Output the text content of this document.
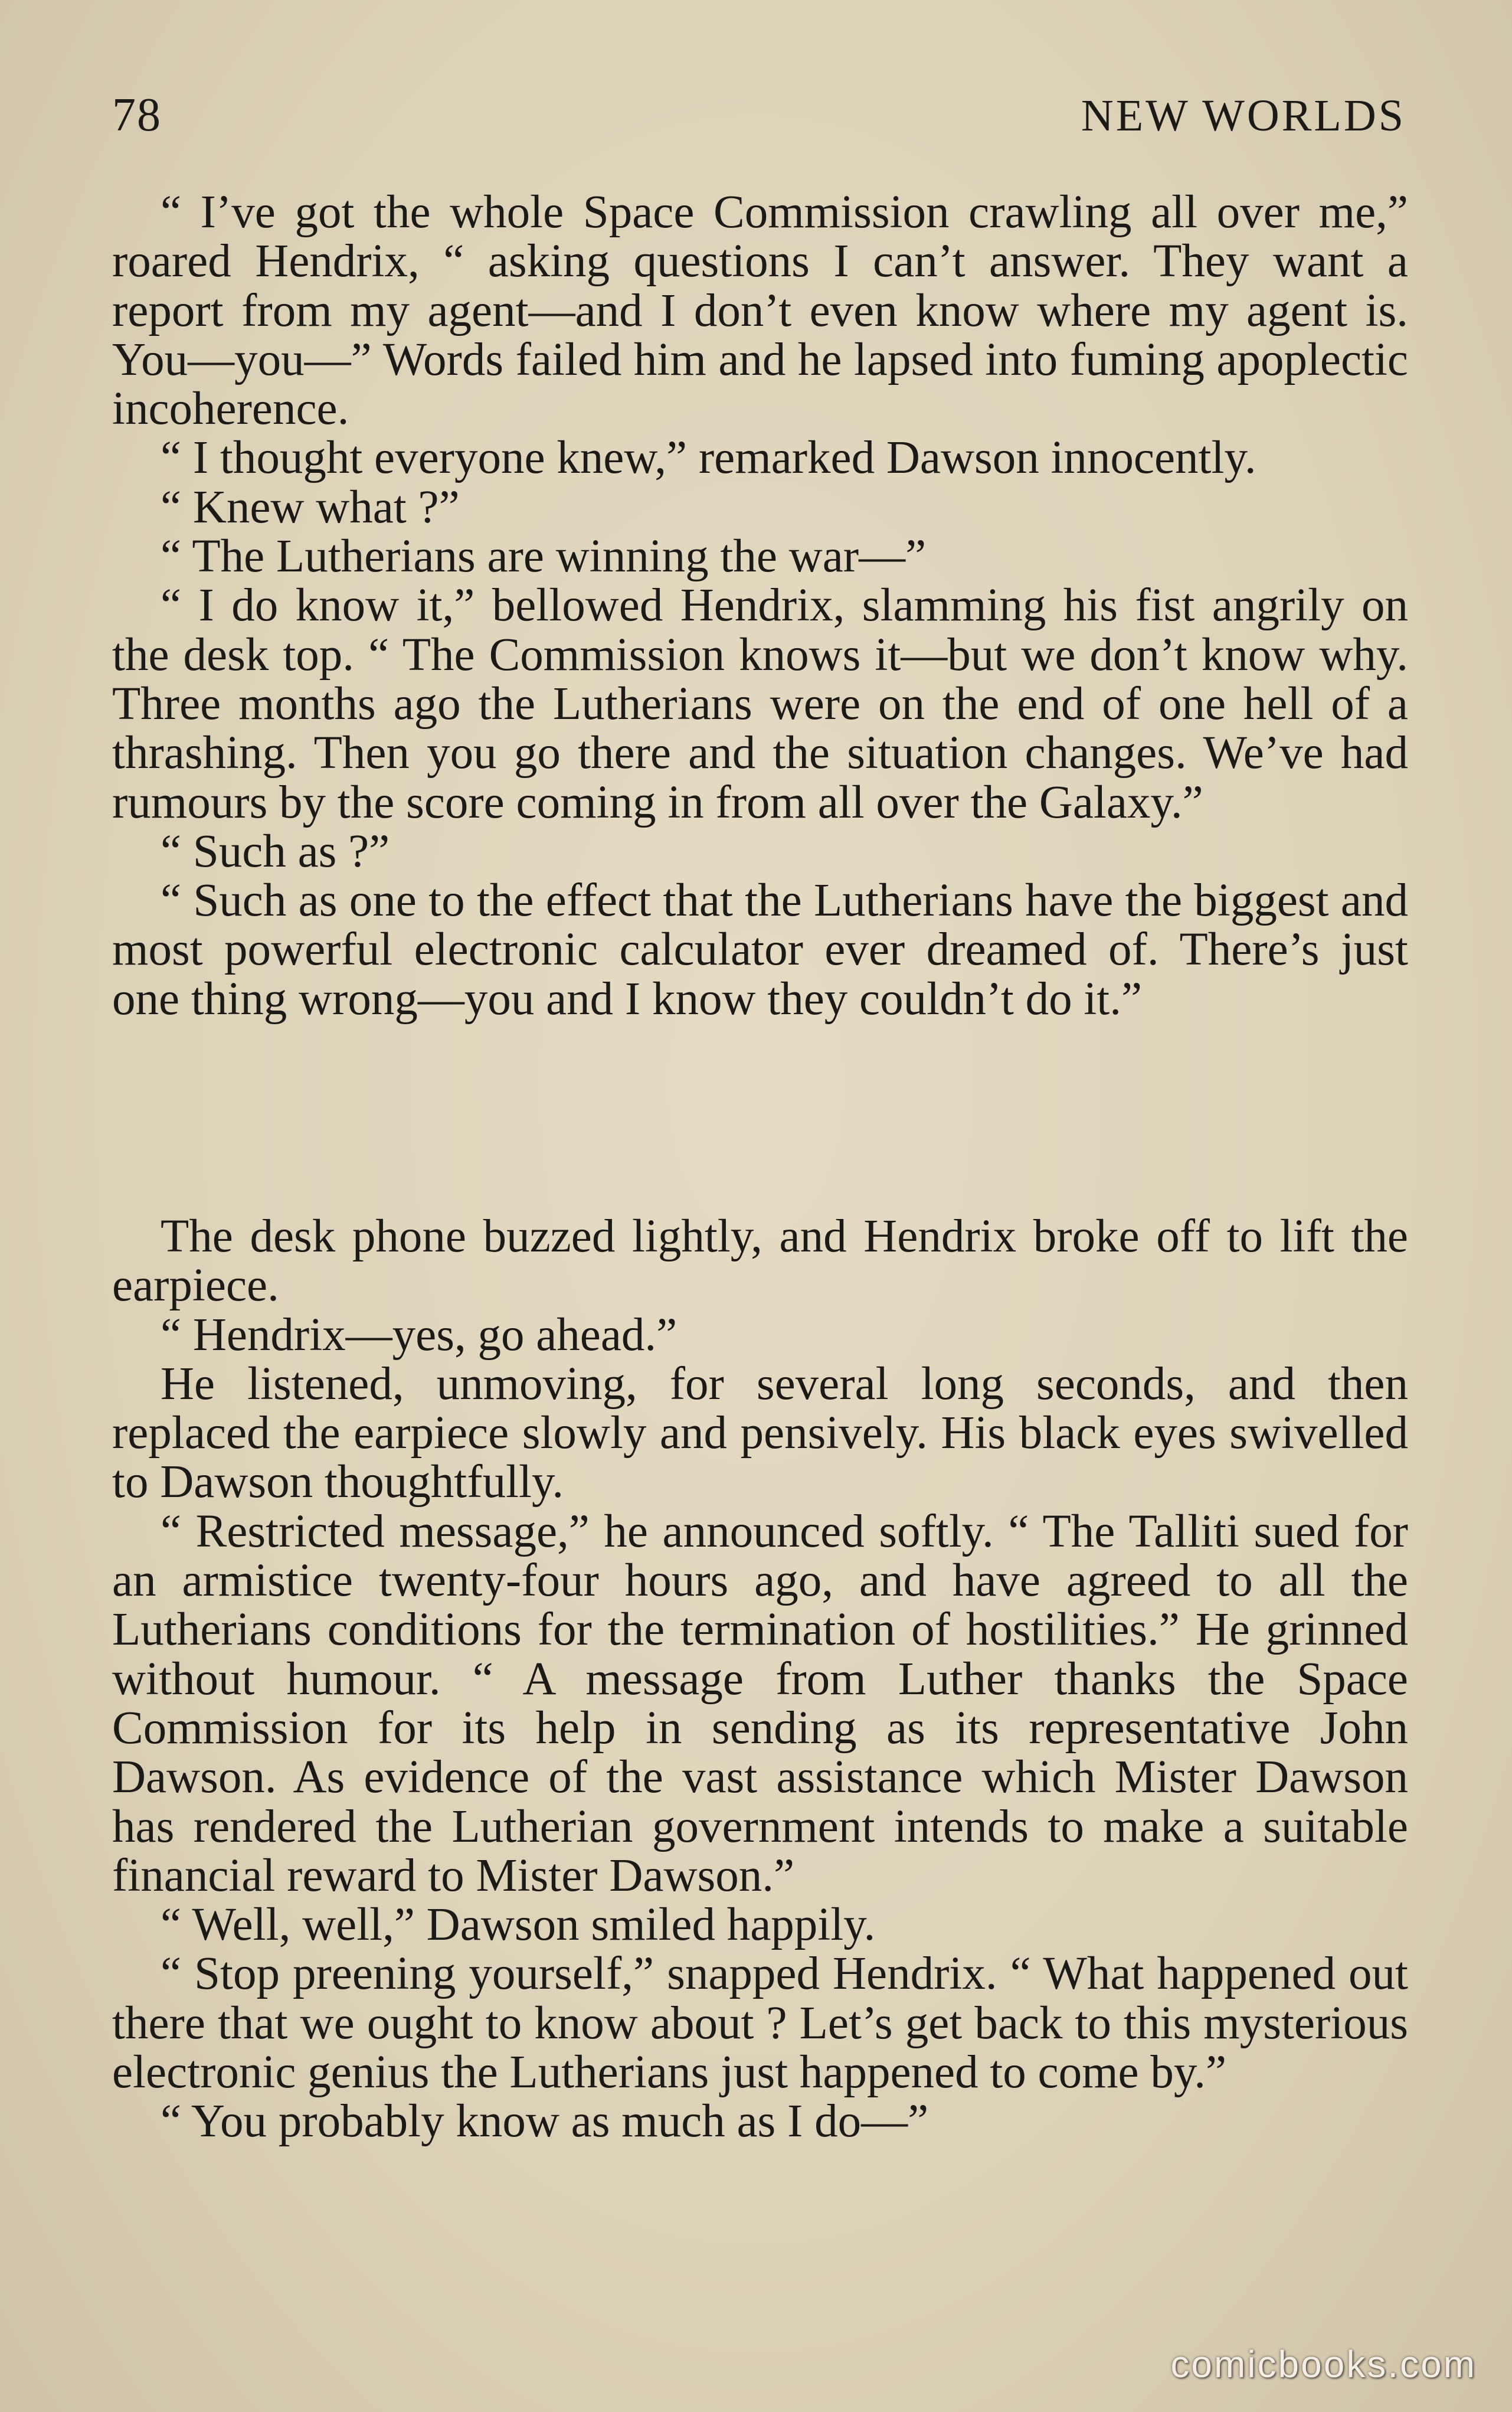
78	NEW WORLDS

“ I’ve got the whole Space Commission crawling all over me,” roared Hendrix, “ asking questions I can’t answer. They want a report from my agent—and I don’t even know where my agent is. You—you—” Words failed him and he lapsed into fuming apoplectic incoherence.

“ I thought everyone knew,” remarked Dawson innocently.

“ Knew what ?”

“ The Lutherians are winning the war—”

“ I do know it,” bellowed Hendrix, slamming his fist angrily on the desk top. “ The Commission knows it—but we don’t know why. Three months ago the Lutherians were on the end of one hell of a thrashing. Then you go there and the situation changes. We’ve had rumours by the score coming in from all over the Galaxy.”

“ Such as ?”

“ Such as one to the effect that the Lutherians have the biggest and most powerful electronic calculator ever dreamed of. There’s just one thing wrong—you and I know they couldn’t do it.”

The desk phone buzzed lightly, and Hendrix broke off to lift the earpiece.

“ Hendrix—yes, go ahead.”

He listened, unmoving, for several long seconds, and then replaced the earpiece slowly and pensively. His black eyes swivelled to Dawson thoughtfully.

“ Restricted message,” he announced softly. “ The Talliti sued for an armistice twenty-four hours ago, and have agreed to all the Lutherians conditions for the termination of hostilities.” He grinned without humour. “ A message from Luther thanks the Space Commission for its help in sending as its representative John Dawson. As evidence of the vast assistance which Mister Dawson has rendered the Lutherian government intends to make a suitable financial reward to Mister Dawson.”

“ Well, well,” Dawson smiled happily.

“ Stop preening yourself,” snapped Hendrix. “ What happened out there that we ought to know about ? Let’s get back to this mysterious electronic genius the Lutherians just happened to come by.”

“ You probably know as much as I do—”

comicbooks.com
